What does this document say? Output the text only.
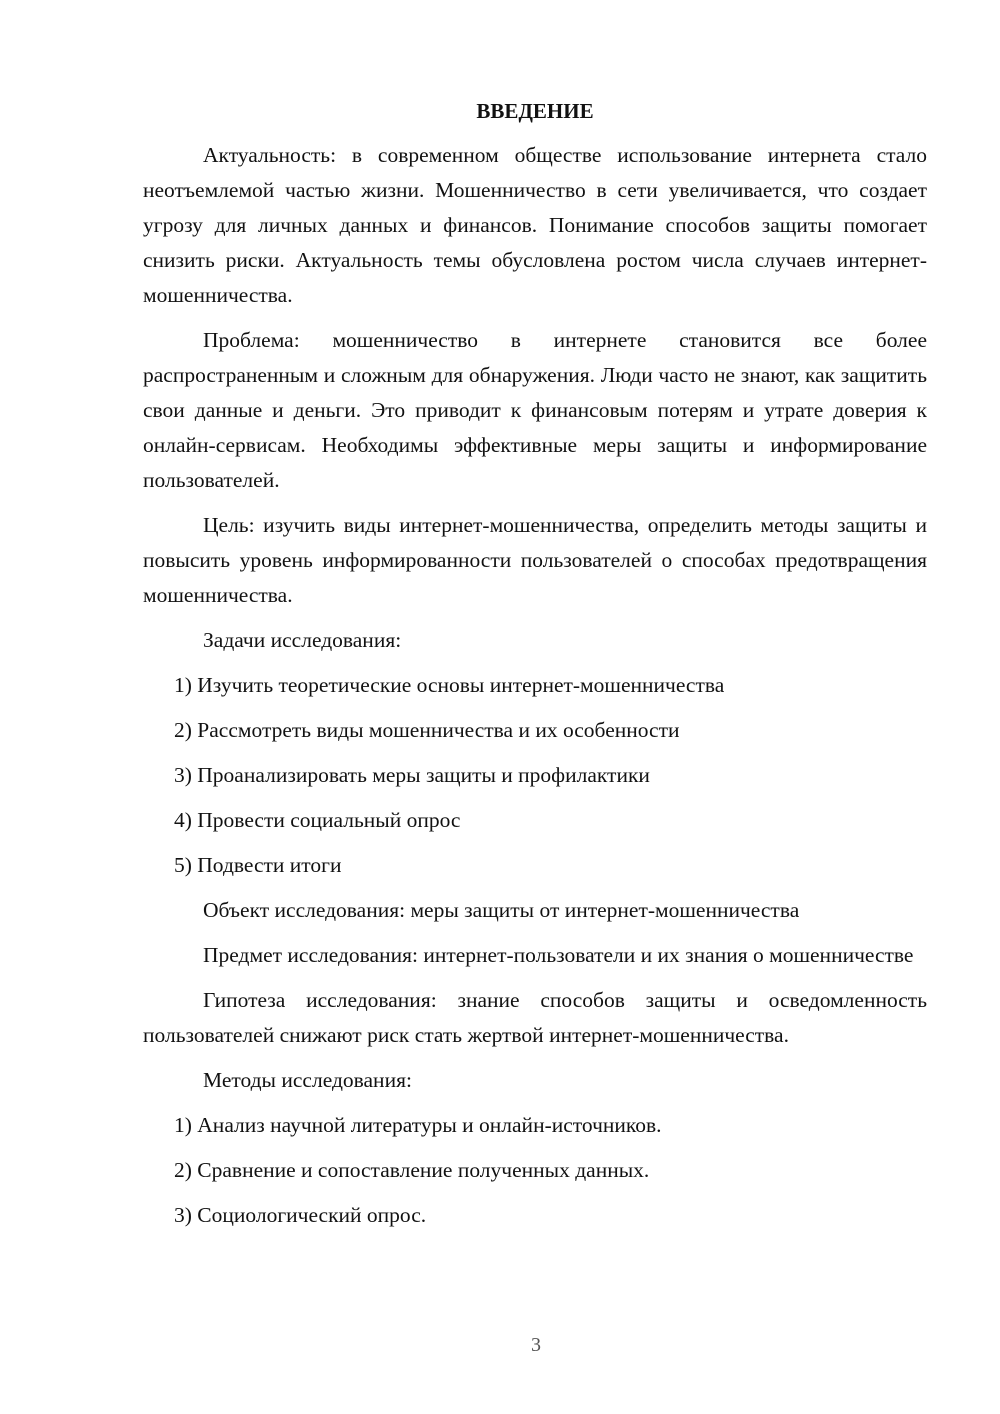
ВВЕДЕНИЕ

Актуальность: в современном обществе использование интернета стало неотъемлемой частью жизни. Мошенничество в сети увеличивается, что создает угрозу для личных данных и финансов. Понимание способов защиты помогает снизить риски. Актуальность темы обусловлена ростом числа случаев интернет-мошенничества.

Проблема: мошенничество в интернете становится все более распространенным и сложным для обнаружения. Люди часто не знают, как защитить свои данные и деньги. Это приводит к финансовым потерям и утрате доверия к онлайн-сервисам. Необходимы эффективные меры защиты и информирование пользователей.

Цель: изучить виды интернет-мошенничества, определить методы защиты и повысить уровень информированности пользователей о способах предотвращения мошенничества.

Задачи исследования:

1) Изучить теоретические основы интернет-мошенничества
2) Рассмотреть виды мошенничества и их особенности
3) Проанализировать меры защиты и профилактики
4) Провести социальный опрос
5) Подвести итоги

Объект исследования: меры защиты от интернет-мошенничества

Предмет исследования: интернет-пользователи и их знания о мошенничестве

Гипотеза исследования: знание способов защиты и осведомленность пользователей снижают риск стать жертвой интернет-мошенничества.

Методы исследования:

1) Анализ научной литературы и онлайн-источников.
2) Сравнение и сопоставление полученных данных.
3) Социологический опрос.
3
